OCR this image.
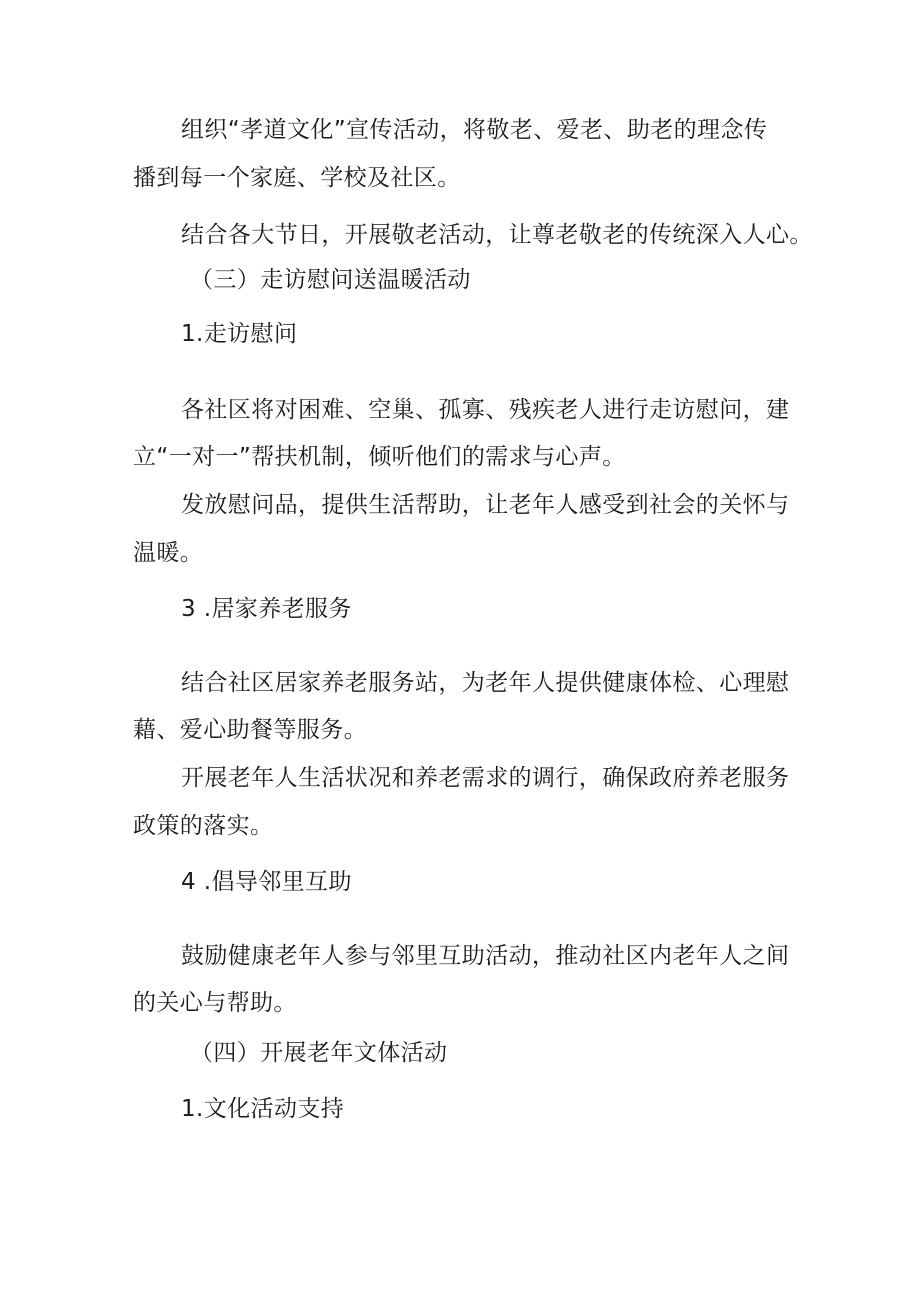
组织“孝道文化”宣传活动，将敬老、爱老、助老的理念传
播到每一个家庭、学校及社区。
结合各大节日，开展敬老活动，让尊老敬老的传统深入人心。
（三）走访慰问送温暖活动
1.走访慰问
各社区将对困难、空巢、孤寡、残疾老人进行走访慰问，建
立“一对一”帮扶机制，倾听他们的需求与心声。
发放慰问品，提供生活帮助，让老年人感受到社会的关怀与
温暖。
3 .居家养老服务
结合社区居家养老服务站，为老年人提供健康体检、心理慰
藉、爱心助餐等服务。
开展老年人生活状况和养老需求的调行，确保政府养老服务
政策的落实。
4 .倡导邻里互助
鼓励健康老年人参与邻里互助活动，推动社区内老年人之间
的关心与帮助。
（四）开展老年文体活动
1.文化活动支持
